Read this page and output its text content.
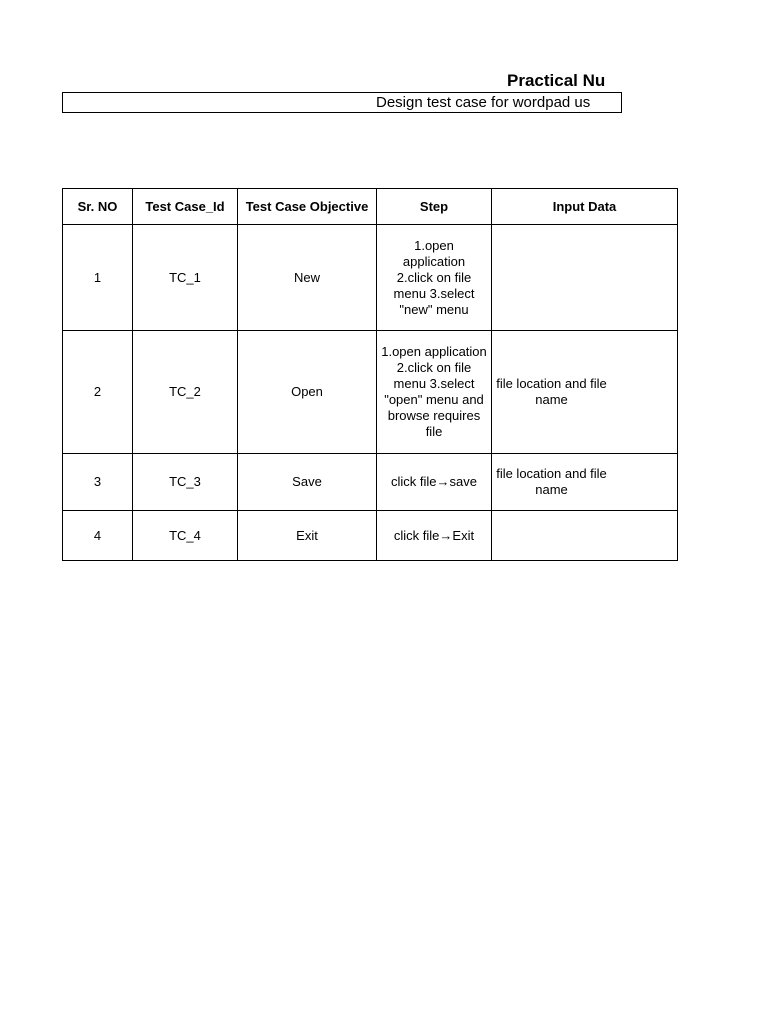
Practical Nu
Design test case for wordpad us
Sr. NO	Test Case_Id	Test Case Objective	Step	Input Data
1	TC_1	New	1.open application 2.click on file menu 3.select "new" menu	

2	TC_2	Open	1.open application 2.click on file menu 3.select "open" menu and browse requires file	file location and file name

3	TC_3	Save	click file→save	file location and file name

4	TC_4	Exit	click file→Exit	
